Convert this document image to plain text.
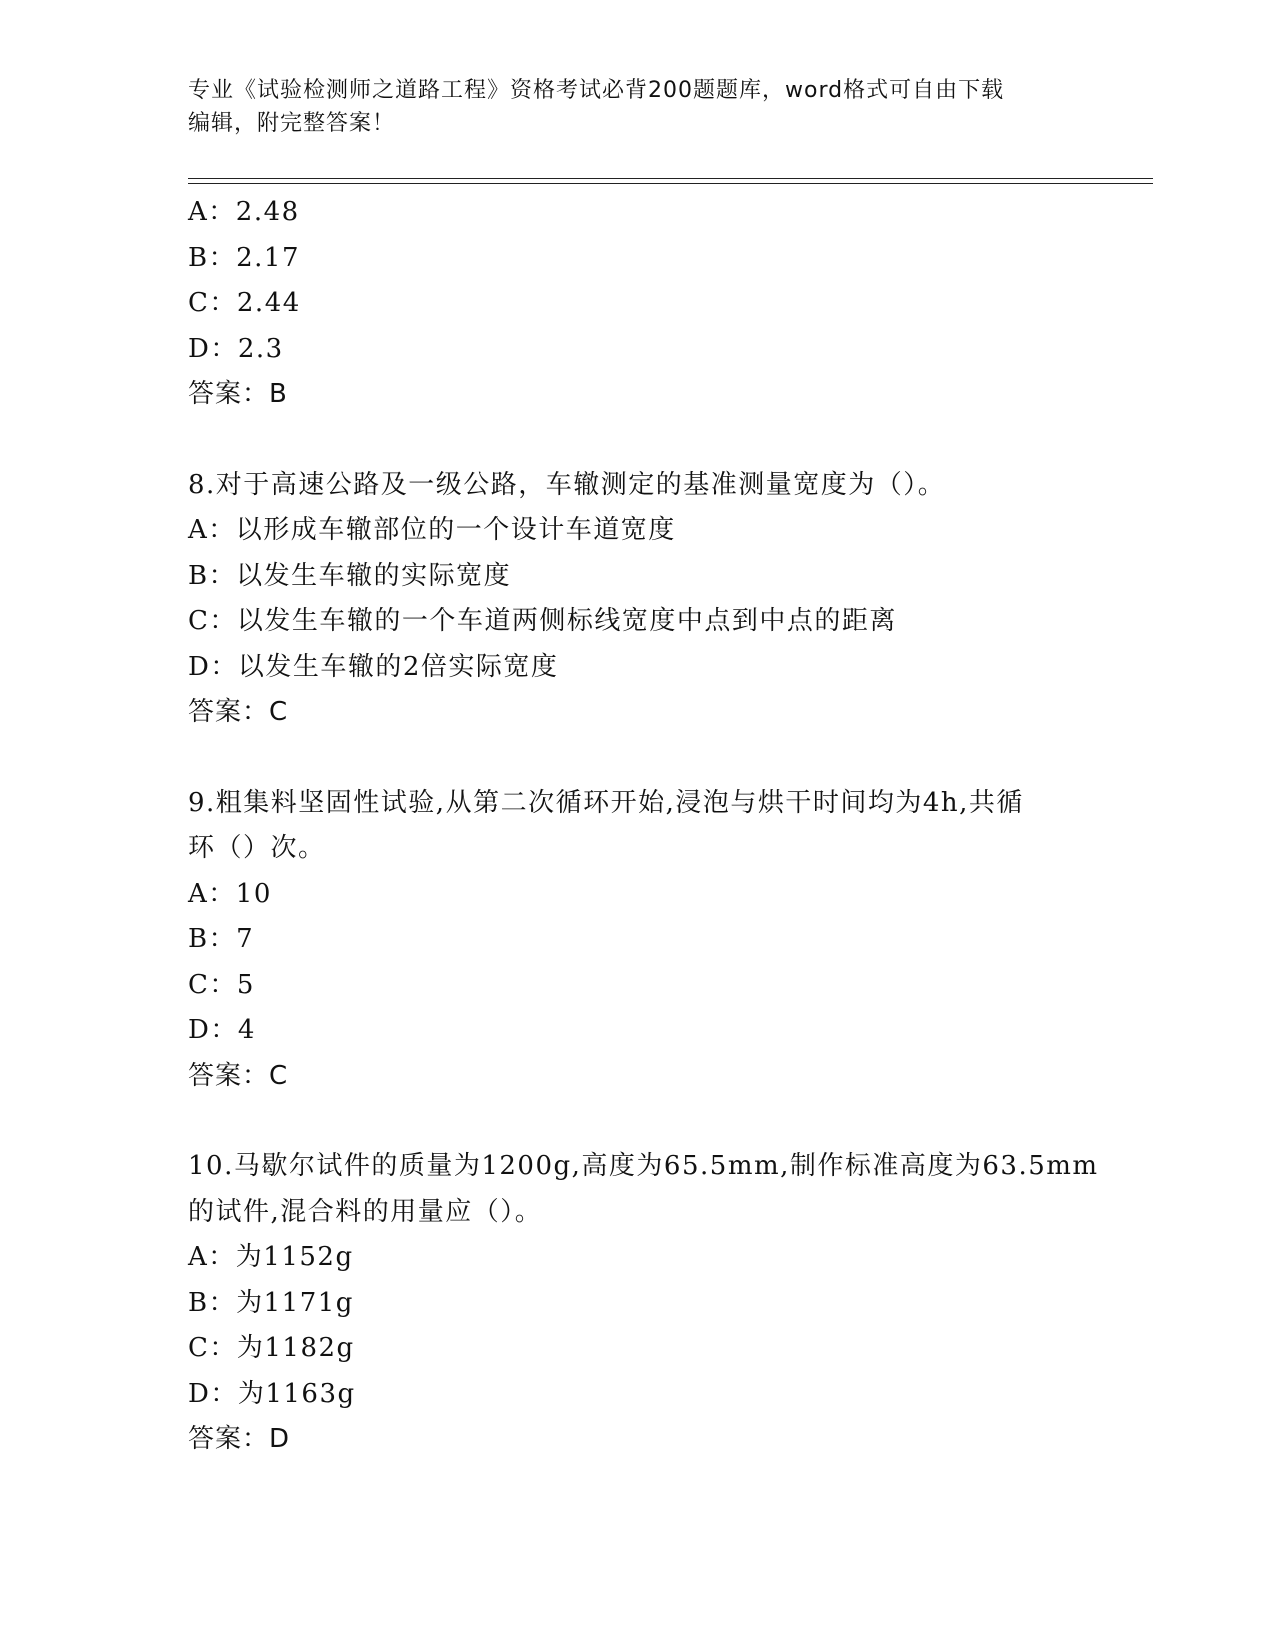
专业《试验检测师之道路工程》资格考试必背200题题库，word格式可自由下载
编辑，附完整答案！
A：2.48
B：2.17
C：2.44
D：2.3
答案：B
8.对于高速公路及一级公路，车辙测定的基准测量宽度为（）。
A：以形成车辙部位的一个设计车道宽度
B：以发生车辙的实际宽度
C：以发生车辙的一个车道两侧标线宽度中点到中点的距离
D：以发生车辙的2倍实际宽度
答案：C
9.粗集料坚固性试验,从第二次循环开始,浸泡与烘干时间均为4h,共循
环（）次。
A：10
B：7
C：5
D：4
答案：C
10.马歇尔试件的质量为1200g,高度为65.5mm,制作标准高度为63.5mm
的试件,混合料的用量应（）。
A：为1152g
B：为1171g
C：为1182g
D：为1163g
答案：D
